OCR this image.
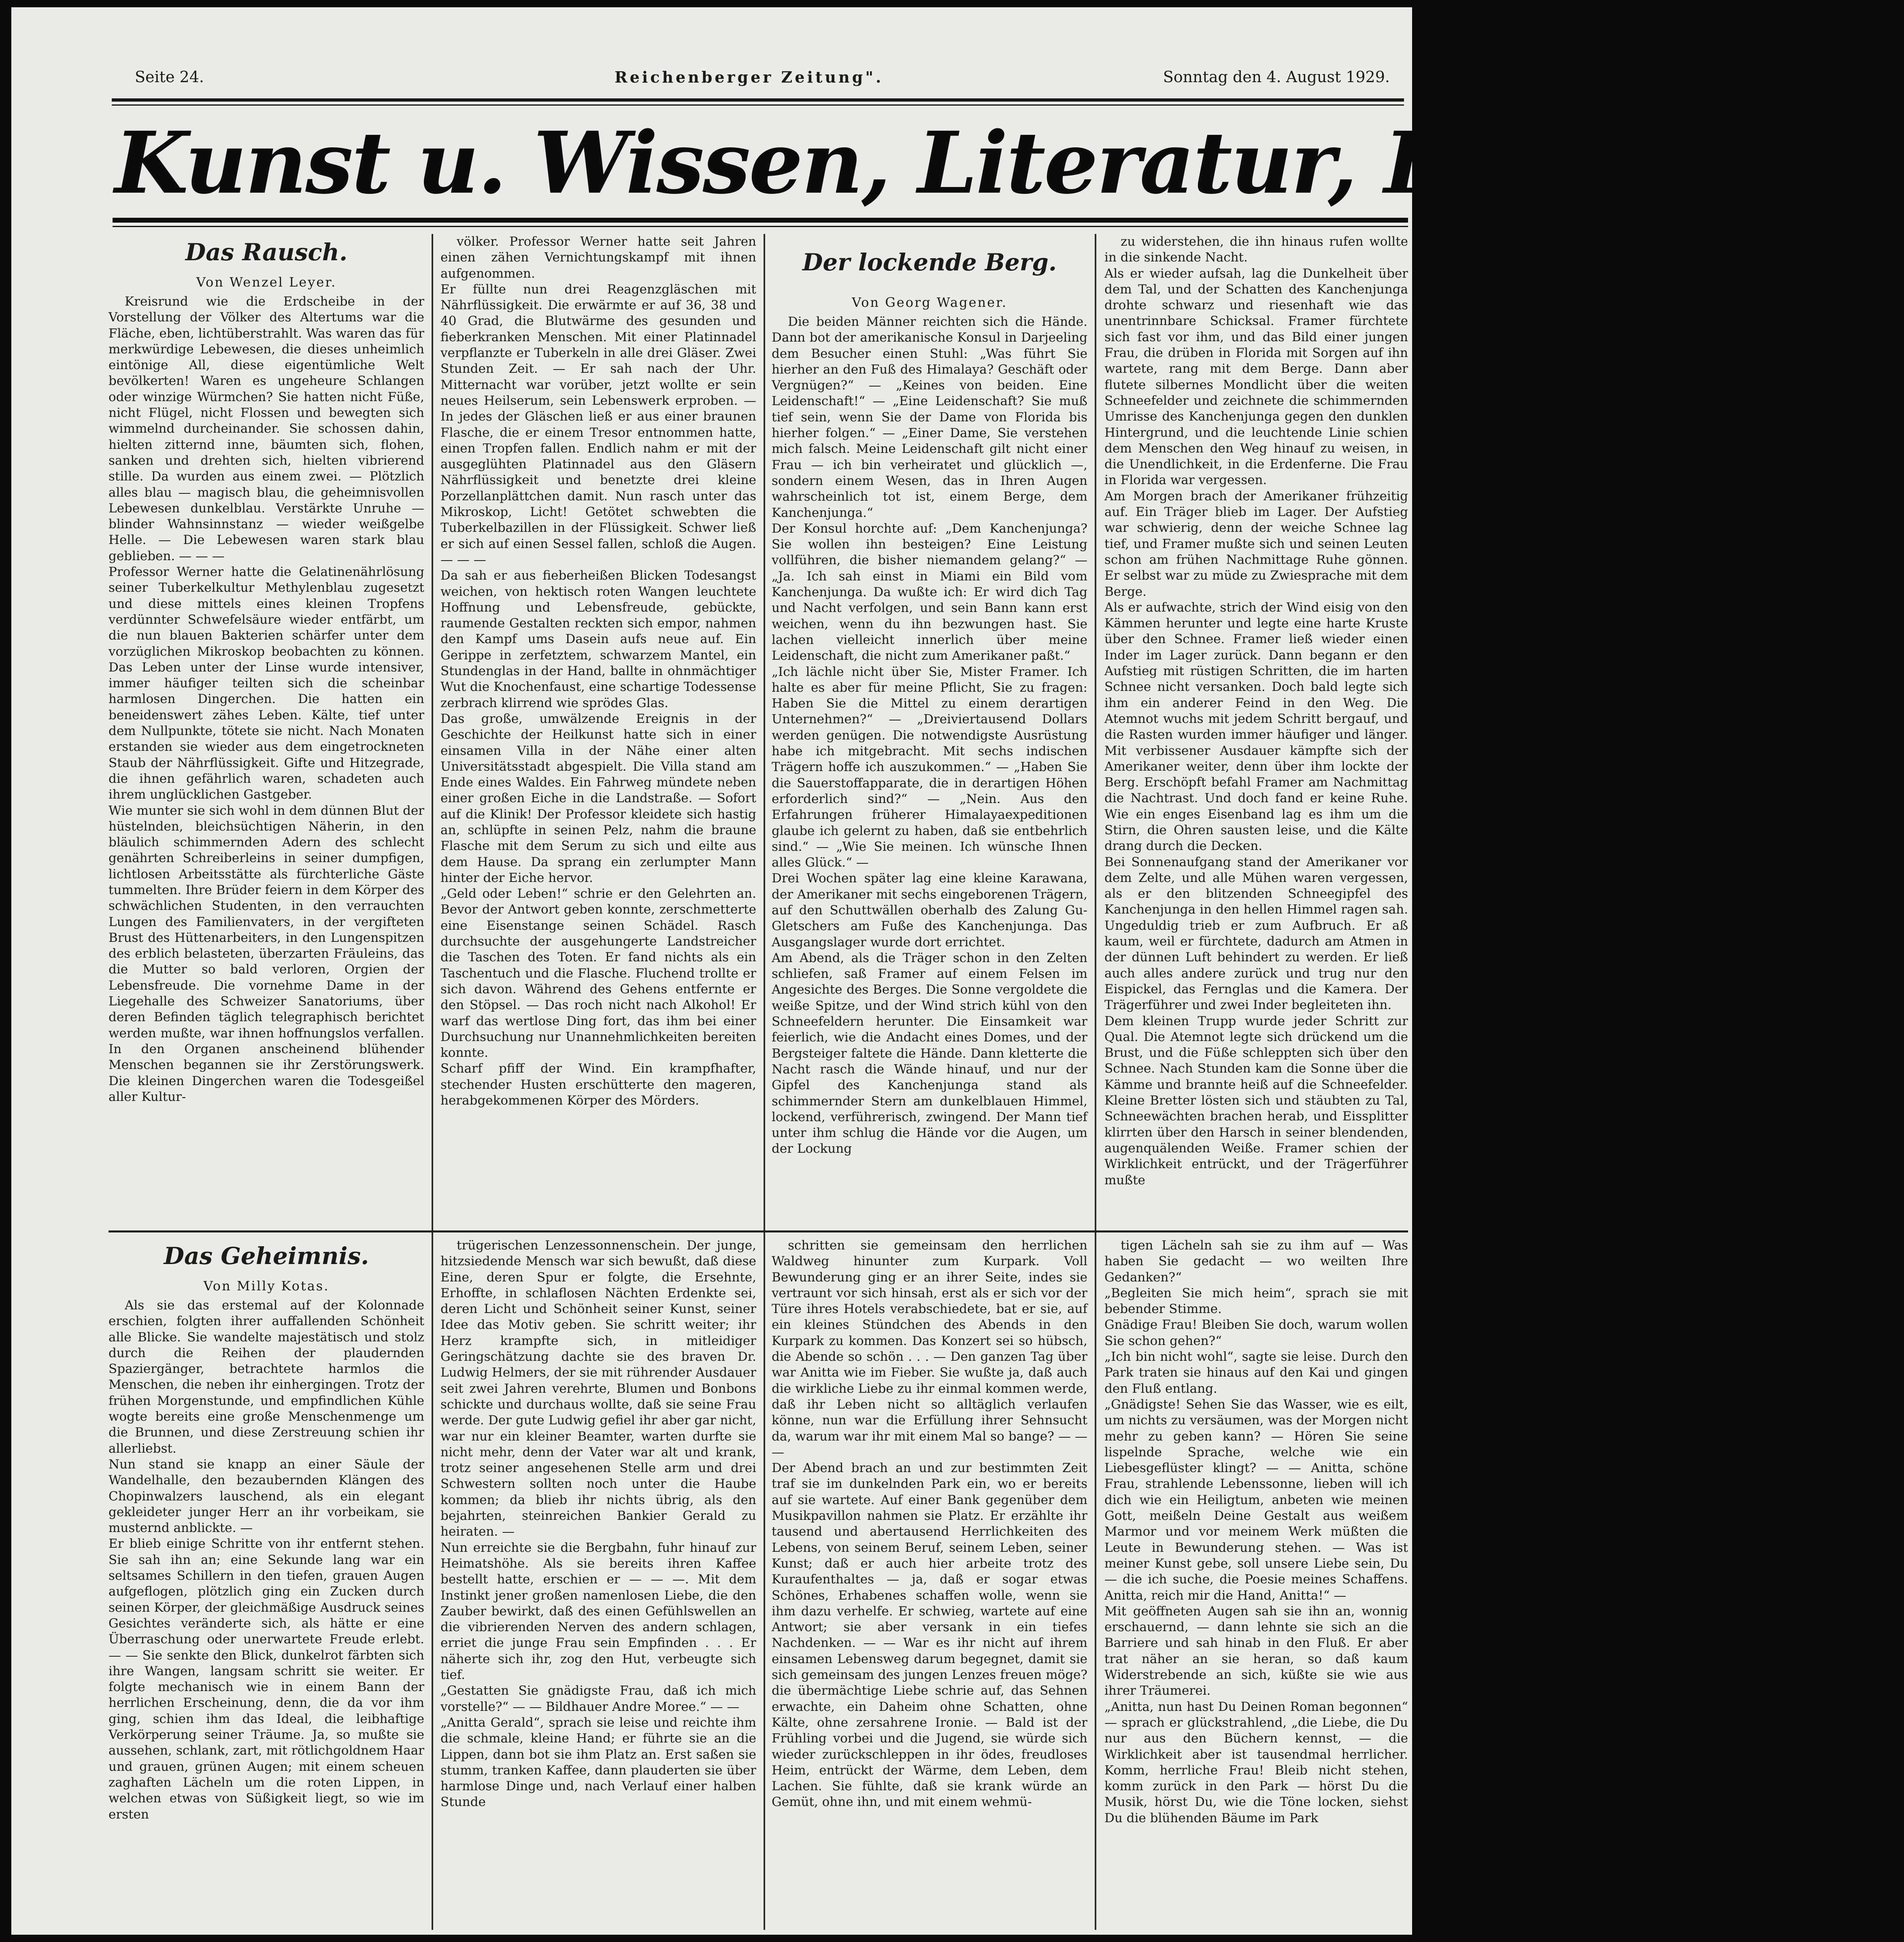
Seite 24.	Reichenberger Zeitung".	Sonntag den 4. August 1929.
Kunst u. Wissen, Literatur, Belletristik

Das Rausch.

Von Wenzel Leyer.

Kreisrund wie die Erdscheibe in der Vorstellung der Völker des Altertums war die Fläche, eben, lichtüberstrahlt. Was waren das für merkwürdige Lebewesen, die dieses unheimlich eintönige All, diese eigentümliche Welt bevölkerten! Waren es ungeheure Schlangen oder winzige Würmchen? Sie hatten nicht Füße, nicht Flügel, nicht Flossen und bewegten sich wimmelnd durcheinander. Sie schossen dahin, hielten zitternd inne, bäumten sich, flohen, sanken und drehten sich, hielten vibrierend stille. Da wurden aus einem zwei. — Plötzlich alles blau — magisch blau, die geheimnisvollen Lebewesen dunkelblau. Verstärkte Unruhe — blinder Wahnsinnstanz — wieder weißgelbe Helle. — Die Lebewesen waren stark blau geblieben. — — —
Professor Werner hatte die Gelatinenährlösung seiner Tuberkelkultur Methylenblau zugesetzt und diese mittels eines kleinen Tropfens verdünnter Schwefelsäure wieder entfärbt, um die nun blauen Bakterien schärfer unter dem vorzüglichen Mikroskop beobachten zu können. Das Leben unter der Linse wurde intensiver, immer häufiger teilten sich die scheinbar harmlosen Dingerchen. Die hatten ein beneidenswert zähes Leben. Kälte, tief unter dem Nullpunkte, tötete sie nicht. Nach Monaten erstanden sie wieder aus dem eingetrockneten Staub der Nährflüssigkeit. Gifte und Hitzegrade, die ihnen gefährlich waren, schadeten auch ihrem unglücklichen Gastgeber.
Wie munter sie sich wohl in dem dünnen Blut der hüstelnden, bleichsüchtigen Näherin, in den bläulich schimmernden Adern des schlecht genährten Schreiberleins in seiner dumpfigen, lichtlosen Arbeitsstätte als fürchterliche Gäste tummelten. Ihre Brüder feiern in dem Körper des schwächlichen Studenten, in den verrauchten Lungen des Familienvaters, in der vergifteten Brust des Hüttenarbeiters, in den Lungenspitzen des erblich belasteten, überzarten Fräuleins, das die Mutter so bald verloren, Orgien der Lebensfreude. Die vornehme Dame in der Liegehalle des Schweizer Sanatoriums, über deren Befinden täglich telegraphisch berichtet werden mußte, war ihnen hoffnungslos verfallen. In den Organen anscheinend blühender Menschen begannen sie ihr Zerstörungswerk. Die kleinen Dingerchen waren die Todesgeißel aller Kultur-
völker. Professor Werner hatte seit Jahren einen zähen Vernichtungskampf mit ihnen aufgenommen.
Er füllte nun drei Reagenzgläschen mit Nährflüssigkeit. Die erwärmte er auf 36, 38 und 40 Grad, die Blutwärme des gesunden und fieberkranken Menschen. Mit einer Platinnadel verpflanzte er Tuberkeln in alle drei Gläser. Zwei Stunden Zeit. — Er sah nach der Uhr. Mitternacht war vorüber, jetzt wollte er sein neues Heilserum, sein Lebenswerk erproben. — In jedes der Gläschen ließ er aus einer braunen Flasche, die er einem Tresor entnommen hatte, einen Tropfen fallen. Endlich nahm er mit der ausgeglühten Platinnadel aus den Gläsern Nährflüssigkeit und benetzte drei kleine Porzellanplättchen damit. Nun rasch unter das Mikroskop, Licht! Getötet schwebten die Tuberkelbazillen in der Flüssigkeit. Schwer ließ er sich auf einen Sessel fallen, schloß die Augen. — — —
Da sah er aus fieberheißen Blicken Todesangst weichen, von hektisch roten Wangen leuchtete Hoffnung und Lebensfreude, gebückte, raumende Gestalten reckten sich empor, nahmen den Kampf ums Dasein aufs neue auf. Ein Gerippe in zerfetztem, schwarzem Mantel, ein Stundenglas in der Hand, ballte in ohnmächtiger Wut die Knochenfaust, eine schartige Todessense zerbrach klirrend wie sprödes Glas.
Das große, umwälzende Ereignis in der Geschichte der Heilkunst hatte sich in einer einsamen Villa in der Nähe einer alten Universitätsstadt abgespielt. Die Villa stand am Ende eines Waldes. Ein Fahrweg mündete neben einer großen Eiche in die Landstraße. — Sofort auf die Klinik! Der Professor kleidete sich hastig an, schlüpfte in seinen Pelz, nahm die braune Flasche mit dem Serum zu sich und eilte aus dem Hause. Da sprang ein zerlumpter Mann hinter der Eiche hervor.
„Geld oder Leben!“ schrie er den Gelehrten an. Bevor der Antwort geben konnte, zerschmetterte eine Eisenstange seinen Schädel. Rasch durchsuchte der ausgehungerte Landstreicher die Taschen des Toten. Er fand nichts als ein Taschentuch und die Flasche. Fluchend trollte er sich davon. Während des Gehens entfernte er den Stöpsel. — Das roch nicht nach Alkohol! Er warf das wertlose Ding fort, das ihm bei einer Durchsuchung nur Unannehmlichkeiten bereiten konnte.
Scharf pfiff der Wind. Ein krampfhafter, stechender Husten erschütterte den mageren, herabgekommenen Körper des Mörders.

Der lockende Berg.

Von Georg Wagener.

Die beiden Männer reichten sich die Hände. Dann bot der amerikanische Konsul in Darjeeling dem Besucher einen Stuhl: „Was führt Sie hierher an den Fuß des Himalaya? Geschäft oder Vergnügen?“ — „Keines von beiden. Eine Leidenschaft!“ — „Eine Leidenschaft? Sie muß tief sein, wenn Sie der Dame von Florida bis hierher folgen.“ — „Einer Dame, Sie verstehen mich falsch. Meine Leidenschaft gilt nicht einer Frau — ich bin verheiratet und glücklich —, sondern einem Wesen, das in Ihren Augen wahrscheinlich tot ist, einem Berge, dem Kanchenjunga.“
Der Konsul horchte auf: „Dem Kanchenjunga? Sie wollen ihn besteigen? Eine Leistung vollführen, die bisher niemandem gelang?“ — „Ja. Ich sah einst in Miami ein Bild vom Kanchenjunga. Da wußte ich: Er wird dich Tag und Nacht verfolgen, und sein Bann kann erst weichen, wenn du ihn bezwungen hast. Sie lachen vielleicht innerlich über meine Leidenschaft, die nicht zum Amerikaner paßt.“
„Ich lächle nicht über Sie, Mister Framer. Ich halte es aber für meine Pflicht, Sie zu fragen: Haben Sie die Mittel zu einem derartigen Unternehmen?“ — „Dreiviertausend Dollars werden genügen. Die notwendigste Ausrüstung habe ich mitgebracht. Mit sechs indischen Trägern hoffe ich auszukommen.“ — „Haben Sie die Sauerstoffapparate, die in derartigen Höhen erforderlich sind?“ — „Nein. Aus den Erfahrungen früherer Himalayaexpeditionen glaube ich gelernt zu haben, daß sie entbehrlich sind.“ — „Wie Sie meinen. Ich wünsche Ihnen alles Glück.“ —
Drei Wochen später lag eine kleine Karawana, der Amerikaner mit sechs eingeborenen Trägern, auf den Schuttwällen oberhalb des Zalung Gu-Gletschers am Fuße des Kanchenjunga. Das Ausgangslager wurde dort errichtet.
Am Abend, als die Träger schon in den Zelten schliefen, saß Framer auf einem Felsen im Angesichte des Berges. Die Sonne vergoldete die weiße Spitze, und der Wind strich kühl von den Schneefeldern herunter. Die Einsamkeit war feierlich, wie die Andacht eines Domes, und der Bergsteiger faltete die Hände. Dann kletterte die Nacht rasch die Wände hinauf, und nur der Gipfel des Kanchenjunga stand als schimmernder Stern am dunkelblauen Himmel, lockend, verführerisch, zwingend. Der Mann tief unter ihm schlug die Hände vor die Augen, um der Lockung
zu widerstehen, die ihn hinaus rufen wollte in die sinkende Nacht.
Als er wieder aufsah, lag die Dunkelheit über dem Tal, und der Schatten des Kanchenjunga drohte schwarz und riesenhaft wie das unentrinnbare Schicksal. Framer fürchtete sich fast vor ihm, und das Bild einer jungen Frau, die drüben in Florida mit Sorgen auf ihn wartete, rang mit dem Berge. Dann aber flutete silbernes Mondlicht über die weiten Schneefelder und zeichnete die schimmernden Umrisse des Kanchenjunga gegen den dunklen Hintergrund, und die leuchtende Linie schien dem Menschen den Weg hinauf zu weisen, in die Unendlichkeit, in die Erdenferne. Die Frau in Florida war vergessen.
Am Morgen brach der Amerikaner frühzeitig auf. Ein Träger blieb im Lager. Der Aufstieg war schwierig, denn der weiche Schnee lag tief, und Framer mußte sich und seinen Leuten schon am frühen Nachmittage Ruhe gönnen. Er selbst war zu müde zu Zwiesprache mit dem Berge.
Als er aufwachte, strich der Wind eisig von den Kämmen herunter und legte eine harte Kruste über den Schnee. Framer ließ wieder einen Inder im Lager zurück. Dann begann er den Aufstieg mit rüstigen Schritten, die im harten Schnee nicht versanken. Doch bald legte sich ihm ein anderer Feind in den Weg. Die Atemnot wuchs mit jedem Schritt bergauf, und die Rasten wurden immer häufiger und länger. Mit verbissener Ausdauer kämpfte sich der Amerikaner weiter, denn über ihm lockte der Berg. Erschöpft befahl Framer am Nachmittag die Nachtrast. Und doch fand er keine Ruhe. Wie ein enges Eisenband lag es ihm um die Stirn, die Ohren sausten leise, und die Kälte drang durch die Decken.
Bei Sonnenaufgang stand der Amerikaner vor dem Zelte, und alle Mühen waren vergessen, als er den blitzenden Schneegipfel des Kanchenjunga in den hellen Himmel ragen sah. Ungeduldig trieb er zum Aufbruch. Er aß kaum, weil er fürchtete, dadurch am Atmen in der dünnen Luft behindert zu werden. Er ließ auch alles andere zurück und trug nur den Eispickel, das Fernglas und die Kamera. Der Trägerführer und zwei Inder begleiteten ihn.
Dem kleinen Trupp wurde jeder Schritt zur Qual. Die Atemnot legte sich drückend um die Brust, und die Füße schleppten sich über den Schnee. Nach Stunden kam die Sonne über die Kämme und brannte heiß auf die Schneefelder. Kleine Bretter lösten sich und stäubten zu Tal, Schneewächten brachen herab, und Eissplitter klirrten über den Harsch in seiner blendenden, augenquälenden Weiße. Framer schien der Wirklichkeit entrückt, und der Trägerführer mußte

Das Geheimnis.

Von Milly Kotas.

Als sie das erstemal auf der Kolonnade erschien, folgten ihrer auffallenden Schönheit alle Blicke. Sie wandelte majestätisch und stolz durch die Reihen der plaudernden Spaziergänger, betrachtete harmlos die Menschen, die neben ihr einhergingen. Trotz der frühen Morgenstunde, und empfindlichen Kühle wogte bereits eine große Menschenmenge um die Brunnen, und diese Zerstreuung schien ihr allerliebst.
Nun stand sie knapp an einer Säule der Wandelhalle, den bezaubernden Klängen des Chopinwalzers lauschend, als ein elegant gekleideter junger Herr an ihr vorbeikam, sie musternd anblickte. —
Er blieb einige Schritte von ihr entfernt stehen. Sie sah ihn an; eine Sekunde lang war ein seltsames Schillern in den tiefen, grauen Augen aufgeflogen, plötzlich ging ein Zucken durch seinen Körper, der gleichmäßige Ausdruck seines Gesichtes veränderte sich, als hätte er eine Überraschung oder unerwartete Freude erlebt. — — Sie senkte den Blick, dunkelrot färbten sich ihre Wangen, langsam schritt sie weiter. Er folgte mechanisch wie in einem Bann der herrlichen Erscheinung, denn, die da vor ihm ging, schien ihm das Ideal, die leibhaftige Verkörperung seiner Träume. Ja, so mußte sie aussehen, schlank, zart, mit rötlichgoldnem Haar und grauen, grünen Augen; mit einem scheuen zaghaften Lächeln um die roten Lippen, in welchen etwas von Süßigkeit liegt, so wie im ersten
trügerischen Lenzessonnenschein. Der junge, hitzsiedende Mensch war sich bewußt, daß diese Eine, deren Spur er folgte, die Ersehnte, Erhoffte, in schlaflosen Nächten Erdenkte sei, deren Licht und Schönheit seiner Kunst, seiner Idee das Motiv geben. Sie schritt weiter; ihr Herz krampfte sich, in mitleidiger Geringschätzung dachte sie des braven Dr. Ludwig Helmers, der sie mit rührender Ausdauer seit zwei Jahren verehrte, Blumen und Bonbons schickte und durchaus wollte, daß sie seine Frau werde. Der gute Ludwig gefiel ihr aber gar nicht, war nur ein kleiner Beamter, warten durfte sie nicht mehr, denn der Vater war alt und krank, trotz seiner angesehenen Stelle arm und drei Schwestern sollten noch unter die Haube kommen; da blieb ihr nichts übrig, als den bejahrten, steinreichen Bankier Gerald zu heiraten. —
Nun erreichte sie die Bergbahn, fuhr hinauf zur Heimatshöhe. Als sie bereits ihren Kaffee bestellt hatte, erschien er — — —. Mit dem Instinkt jener großen namenlosen Liebe, die den Zauber bewirkt, daß des einen Gefühlswellen an die vibrierenden Nerven des andern schlagen, erriet die junge Frau sein Empfinden . . . Er näherte sich ihr, zog den Hut, verbeugte sich tief.
„Gestatten Sie gnädigste Frau, daß ich mich vorstelle?“ — — Bildhauer Andre Moree.“ — —
„Anitta Gerald“, sprach sie leise und reichte ihm die schmale, kleine Hand; er führte sie an die Lippen, dann bot sie ihm Platz an. Erst saßen sie stumm, tranken Kaffee, dann plauderten sie über harmlose Dinge und, nach Verlauf einer halben Stunde
schritten sie gemeinsam den herrlichen Waldweg hinunter zum Kurpark. Voll Bewunderung ging er an ihrer Seite, indes sie vertraunt vor sich hinsah, erst als er sich vor der Türe ihres Hotels verabschiedete, bat er sie, auf ein kleines Stündchen des Abends in den Kurpark zu kommen. Das Konzert sei so hübsch, die Abende so schön . . . — Den ganzen Tag über war Anitta wie im Fieber. Sie wußte ja, daß auch die wirkliche Liebe zu ihr einmal kommen werde, daß ihr Leben nicht so alltäglich verlaufen könne, nun war die Erfüllung ihrer Sehnsucht da, warum war ihr mit einem Mal so bange? — — —
Der Abend brach an und zur bestimmten Zeit traf sie im dunkelnden Park ein, wo er bereits auf sie wartete. Auf einer Bank gegenüber dem Musikpavillon nahmen sie Platz. Er erzählte ihr tausend und abertausend Herrlichkeiten des Lebens, von seinem Beruf, seinem Leben, seiner Kunst; daß er auch hier arbeite trotz des Kuraufenthaltes — ja, daß er sogar etwas Schönes, Erhabenes schaffen wolle, wenn sie ihm dazu verhelfe. Er schwieg, wartete auf eine Antwort; sie aber versank in ein tiefes Nachdenken. — — War es ihr nicht auf ihrem einsamen Lebensweg darum begegnet, damit sie sich gemeinsam des jungen Lenzes freuen möge? die übermächtige Liebe schrie auf, das Sehnen erwachte, ein Daheim ohne Schatten, ohne Kälte, ohne zersahrene Ironie. — Bald ist der Frühling vorbei und die Jugend, sie würde sich wieder zurückschleppen in ihr ödes, freudloses Heim, entrückt der Wärme, dem Leben, dem Lachen. Sie fühlte, daß sie krank würde an Gemüt, ohne ihn, und mit einem wehmü-
tigen Lächeln sah sie zu ihm auf — Was haben Sie gedacht — wo weilten Ihre Gedanken?“
„Begleiten Sie mich heim“, sprach sie mit bebender Stimme.
Gnädige Frau! Bleiben Sie doch, warum wollen Sie schon gehen?“
„Ich bin nicht wohl“, sagte sie leise. Durch den Park traten sie hinaus auf den Kai und gingen den Fluß entlang.
„Gnädigste! Sehen Sie das Wasser, wie es eilt, um nichts zu versäumen, was der Morgen nicht mehr zu geben kann? — Hören Sie seine lispelnde Sprache, welche wie ein Liebesgeflüster klingt? — — Anitta, schöne Frau, strahlende Lebenssonne, lieben will ich dich wie ein Heiligtum, anbeten wie meinen Gott, meißeln Deine Gestalt aus weißem Marmor und vor meinem Werk müßten die Leute in Bewunderung stehen. — Was ist meiner Kunst gebe, soll unsere Liebe sein, Du — die ich suche, die Poesie meines Schaffens. Anitta, reich mir die Hand, Anitta!“ —
Mit geöffneten Augen sah sie ihn an, wonnig erschauernd, — dann lehnte sie sich an die Barriere und sah hinab in den Fluß. Er aber trat näher an sie heran, so daß kaum Widerstrebende an sich, küßte sie wie aus ihrer Träumerei.
„Anitta, nun hast Du Deinen Roman begonnen“ — sprach er glückstrahlend, „die Liebe, die Du nur aus den Büchern kennst, — die Wirklichkeit aber ist tausendmal herrlicher. Komm, herrliche Frau! Bleib nicht stehen, komm zurück in den Park — hörst Du die Musik, hörst Du, wie die Töne locken, siehst Du die blühenden Bäume im Park
